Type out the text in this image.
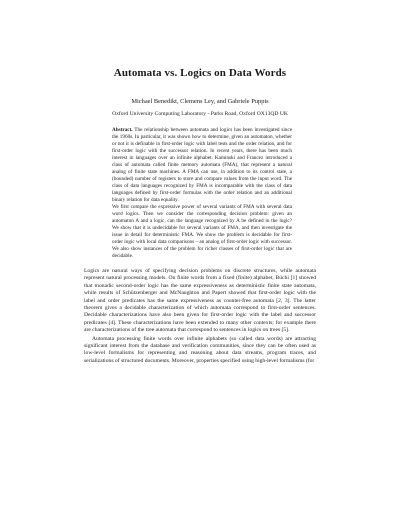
Automata vs. Logics on Data Words
Michael Benedikt, Clemens Ley, and Gabriele Puppis
Oxford University Computing Laboratory - Parks Road, Oxford OX13QD UK

Abstract. The relationship between automata and logics has been investigated since the 1960s. In particular, it was shown how to determine, given an automaton, whether or not it is definable in first-order logic with label tests and the order relation, and for first-order logic with the successor relation. In recent years, there has been much interest in languages over an infinite alphabet. Kaminski and Francez introduced a class of automata called finite memory automata (FMA), that represent a natural analog of finite state machines. A FMA can use, in addition to its control state, a (bounded) number of registers to store and compare values from the input word. The class of data languages recognized by FMA is incomparable with the class of data languages defined by first-order formulas with the order relation and an additional binary relation for data equality.

We first compare the expressive power of several variants of FMA with several data word logics. Then we consider the corresponding decision problem: given an automaton A and a logic, can the language recognized by A be defined in the logic? We show that it is undecidable for several variants of FMA, and then investigate the issue in detail for deterministic FMA. We show the problem is decidable for first-order logic with local data comparisons – an analog of first-order logic with successor. We also show instances of the problem for richer classes of first-order logic that are decidable.

Logics are natural ways of specifying decision problems on discrete structures, while automata represent natural processing models. On finite words from a fixed (finite) alphabet, Büchi [1] showed that monadic second-order logic has the same expressiveness as deterministic finite state automata, while results of Schützenberger and McNaughton and Papert showed that first-order logic with the label and order predicates has the same expressiveness as counter-free automata [2, 3]. The latter theorem gives a decidable characterization of which automata correspond to first-order sentences. Decidable characterizations have also been given for first-order logic with the label and successor predicates [4]. These characterizations have been extended to many other contexts; for example there are characterizations of the tree automata that correspond to sentences in logics on trees [5].

Automata processing finite words over infinite alphabets (so called data words) are attracting significant interest from the database and verification communities, since they can be often used as low-level formalisms for representing and reasoning about data streams, program traces, and serializations of structured documents. Moreover, properties specified using high-level formalisms (for
